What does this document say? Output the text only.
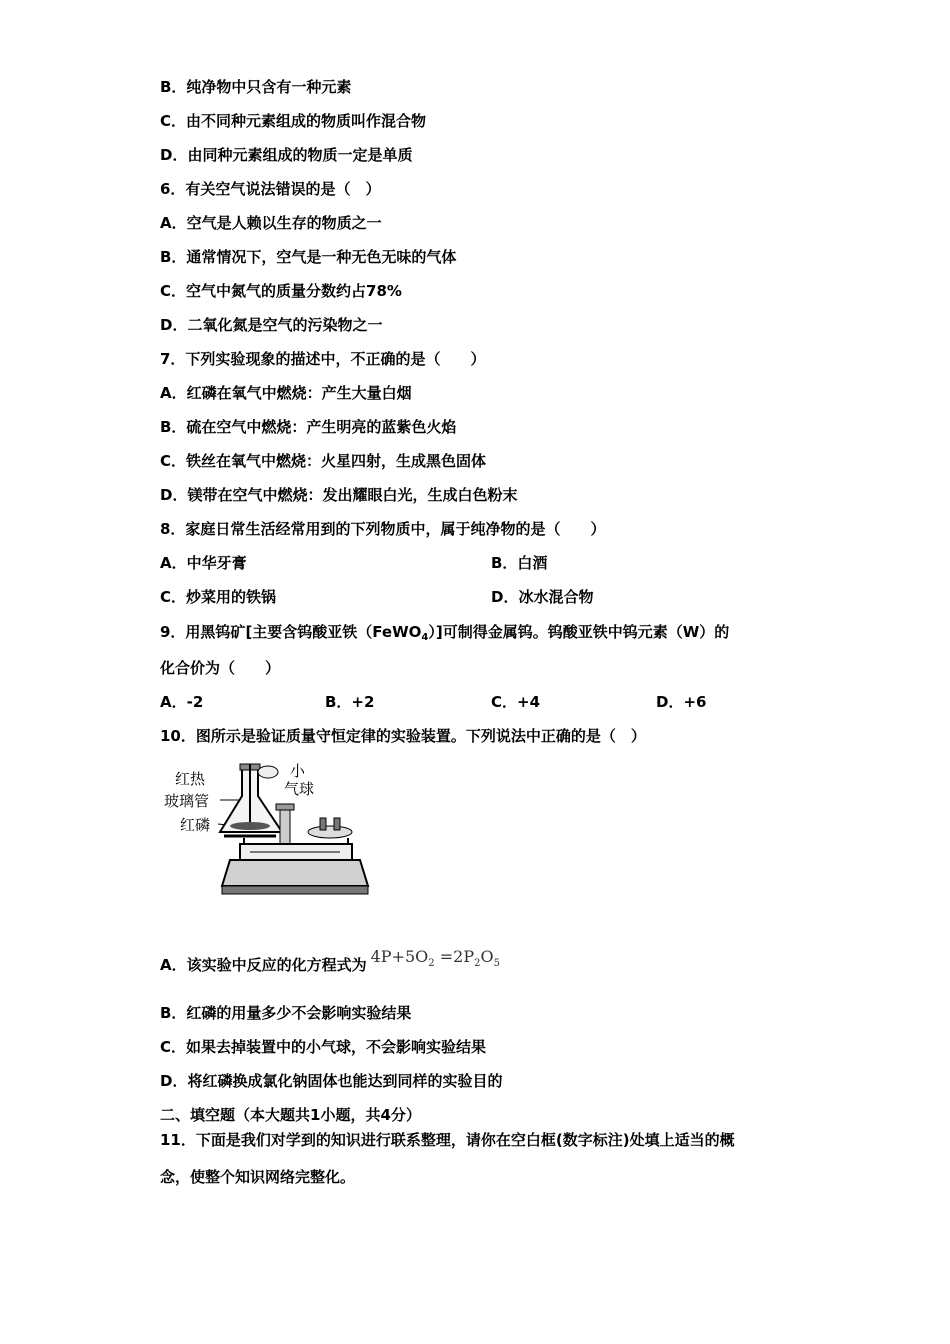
B．纯净物中只含有一种元素
C．由不同种元素组成的物质叫作混合物
D．由同种元素组成的物质一定是单质
6．有关空气说法错误的是（　）
A．空气是人赖以生存的物质之一
B．通常情况下，空气是一种无色无味的气体
C．空气中氮气的质量分数约占78%
D．二氧化氮是空气的污染物之一
7．下列实验现象的描述中，不正确的是（　　）
A．红磷在氧气中燃烧：产生大量白烟
B．硫在空气中燃烧：产生明亮的蓝紫色火焰
C．铁丝在氧气中燃烧：火星四射，生成黑色固体
D．镁带在空气中燃烧：发出耀眼白光，生成白色粉末
8．家庭日常生活经常用到的下列物质中，属于纯净物的是（　　）
A．中华牙膏	B．白酒
C．炒菜用的铁锅	D．冰水混合物
9．用黑钨矿[主要含钨酸亚铁（FeWO$_4$）]可制得金属钨。钨酸亚铁中钨元素（W）的
化合价为（　　）
A．-2	B．+2	C．+4	D．+6
10．图所示是验证质量守恒定律的实验装置。下列说法中正确的是（　）
红热
玻璃管
红磷
小
气球
A．该实验中反应的化方程式为 $4P+5O_2 =2P_2O_5$
B．红磷的用量多少不会影响实验结果
C．如果去掉装置中的小气球，不会影响实验结果
D．将红磷换成氯化钠固体也能达到同样的实验目的
二、填空题（本大题共1小题，共4分）
11．下面是我们对学到的知识进行联系整理，请你在空白框(数字标注)处填上适当的概
念，使整个知识网络完整化。
